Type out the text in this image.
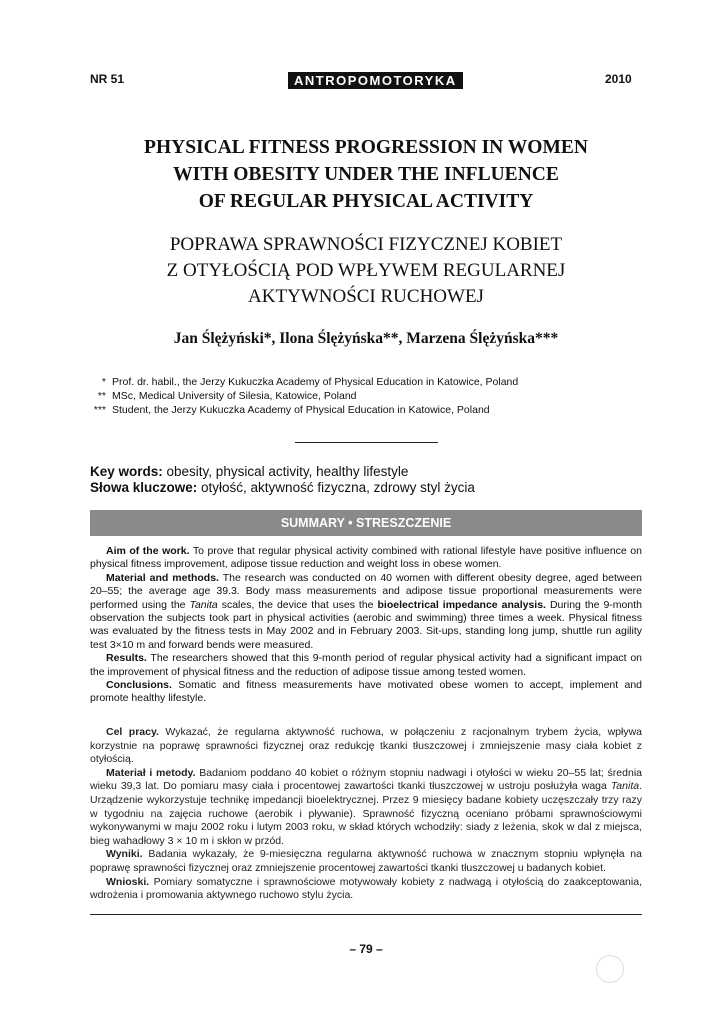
NR 51	ANTROPOMOTORYKA	2010
PHYSICAL FITNESS PROGRESSION IN WOMEN
WITH OBESITY UNDER THE INFLUENCE
OF REGULAR PHYSICAL ACTIVITY
POPRAWA SPRAWNOŚCI FIZYCZNEJ KOBIET
Z OTYŁOŚCIĄ POD WPŁYWEM REGULARNEJ
AKTYWNOŚCI RUCHOWEJ
Jan Ślężyński*, Ilona Ślężyńska**, Marzena Ślężyńska***
* Prof. dr. habil., the Jerzy Kukuczka Academy of Physical Education in Katowice, Poland
** MSc, Medical University of Silesia, Katowice, Poland
*** Student, the Jerzy Kukuczka Academy of Physical Education in Katowice, Poland
Key words: obesity, physical activity, healthy lifestyle
Słowa kluczowe: otyłość, aktywność fizyczna, zdrowy styl życia
SUMMARY • STRESZCZENIE

Aim of the work. To prove that regular physical activity combined with rational lifestyle have positive influence on physical fitness improvement, adipose tissue reduction and weight loss in obese women.

Material and methods. The research was conducted on 40 women with different obesity degree, aged between 20–55; the average age 39.3. Body mass measurements and adipose tissue proportional measurements were performed using the Tanita scales, the device that uses the bioelectrical impedance analysis. During the 9-month observation the subjects took part in physical activities (aerobic and swimming) three times a week. Physical fitness was evaluated by the fitness tests in May 2002 and in February 2003. Sit-ups, standing long jump, shuttle run agility test 3×10 m and forward bends were measured.

Results. The researchers showed that this 9-month period of regular physical activity had a significant impact on the improvement of physical fitness and the reduction of adipose tissue among tested women.

Conclusions. Somatic and fitness measurements have motivated obese women to accept, implement and promote healthy lifestyle.

Cel pracy. Wykazać, że regularna aktywność ruchowa, w połączeniu z racjonalnym trybem życia, wpływa korzystnie na poprawę sprawności fizycznej oraz redukcję tkanki tłuszczowej i zmniejszenie masy ciała kobiet z otyłością.

Materiał i metody. Badaniom poddano 40 kobiet o różnym stopniu nadwagi i otyłości w wieku 20–55 lat; średnia wieku 39,3 lat. Do pomiaru masy ciała i procentowej zawartości tkanki tłuszczowej w ustroju posłużyła waga Tanita. Urządzenie wykorzystuje technikę impedancji bioelektrycznej. Przez 9 miesięcy badane kobiety uczęszczały trzy razy w tygodniu na zajęcia ruchowe (aerobik i pływanie). Sprawność fizyczną oceniano próbami sprawnościowymi wykonywanymi w maju 2002 roku i lutym 2003 roku, w skład których wchodziły: siady z leżenia, skok w dal z miejsca, bieg wahadłowy 3 × 10 m i skłon w przód.

Wyniki. Badania wykazały, że 9-miesięczna regularna aktywność ruchowa w znacznym stopniu wpłynęła na poprawę sprawności fizycznej oraz zmniejszenie procentowej zawartości tkanki tłuszczowej u badanych kobiet.

Wnioski. Pomiary somatyczne i sprawnościowe motywowały kobiety z nadwagą i otyłością do zaakceptowania, wdrożenia i promowania aktywnego ruchowo stylu życia.

– 79 –
